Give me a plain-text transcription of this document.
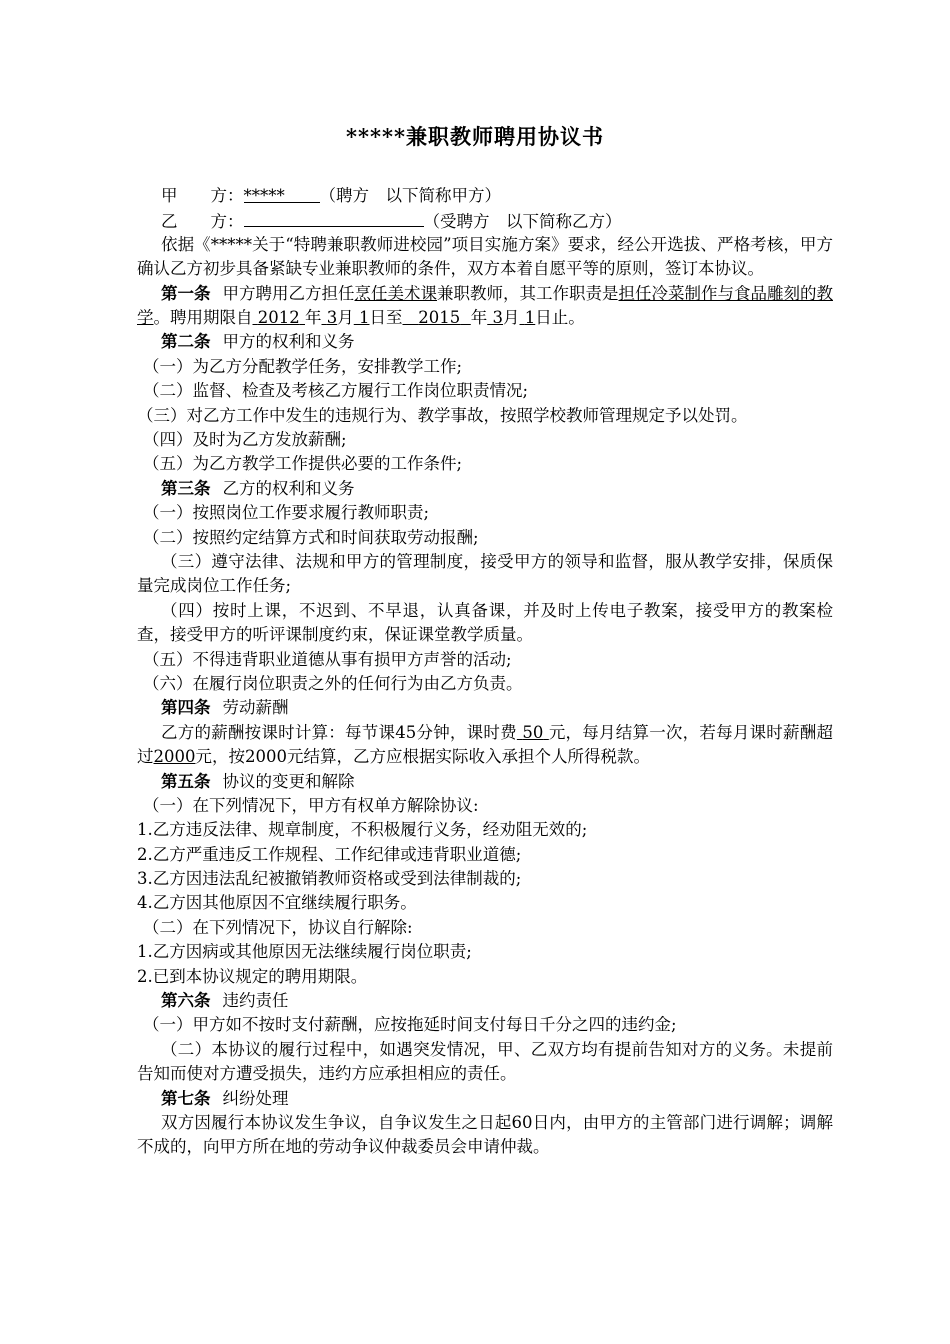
*****兼职教师聘用协议书
甲　　方：***** （聘方　以下简称甲方）
乙　　方：	（受聘方　以下简称乙方）
依据《*****关于“特聘兼职教师进校园”项目实施方案》要求，经公开选拔、严格考核，甲方确认乙方初步具备紧缺专业兼职教师的条件，双方本着自愿平等的原则，签订本协议。
第一条 甲方聘用乙方担任烹任美术课兼职教师，其工作职责是担任冷菜制作与食品雕刻的教学。聘用期限自 2012 年 3月 1日至 2015 年 3月 1日止。
第二条 甲方的权利和义务
（一）为乙方分配教学任务，安排教学工作;
（二）监督、检查及考核乙方履行工作岗位职责情况;
（三）对乙方工作中发生的违规行为、教学事故，按照学校教师管理规定予以处罚。
（四）及时为乙方发放薪酬;
（五）为乙方教学工作提供必要的工作条件;
第三条 乙方的权利和义务
（一）按照岗位工作要求履行教师职责;
（二）按照约定结算方式和时间获取劳动报酬;
（三）遵守法律、法规和甲方的管理制度，接受甲方的领导和监督，服从教学安排，保质保量完成岗位工作任务;
（四）按时上课，不迟到、不早退，认真备课，并及时上传电子教案，接受甲方的教案检查，接受甲方的听评课制度约束，保证课堂教学质量。
（五）不得违背职业道德从事有损甲方声誉的活动;
（六）在履行岗位职责之外的任何行为由乙方负责。
第四条 劳动薪酬
乙方的薪酬按课时计算：每节课45分钟，课时费 50 元，每月结算一次，若每月课时薪酬超过2000元，按2000元结算，乙方应根据实际收入承担个人所得税款。
第五条 协议的变更和解除
（一）在下列情况下，甲方有权单方解除协议:
1.乙方违反法律、规章制度，不积极履行义务，经劝阻无效的;
2.乙方严重违反工作规程、工作纪律或违背职业道德;
3.乙方因违法乱纪被撤销教师资格或受到法律制裁的;
4.乙方因其他原因不宜继续履行职务。
（二）在下列情况下，协议自行解除:
1.乙方因病或其他原因无法继续履行岗位职责;
2.已到本协议规定的聘用期限。
第六条 违约责任
（一）甲方如不按时支付薪酬，应按拖延时间支付每日千分之四的违约金;
（二）本协议的履行过程中，如遇突发情况，甲、乙双方均有提前告知对方的义务。未提前告知而使对方遭受损失，违约方应承担相应的责任。
第七条 纠纷处理
双方因履行本协议发生争议，自争议发生之日起60日内，由甲方的主管部门进行调解；调解不成的，向甲方所在地的劳动争议仲裁委员会申请仲裁。
